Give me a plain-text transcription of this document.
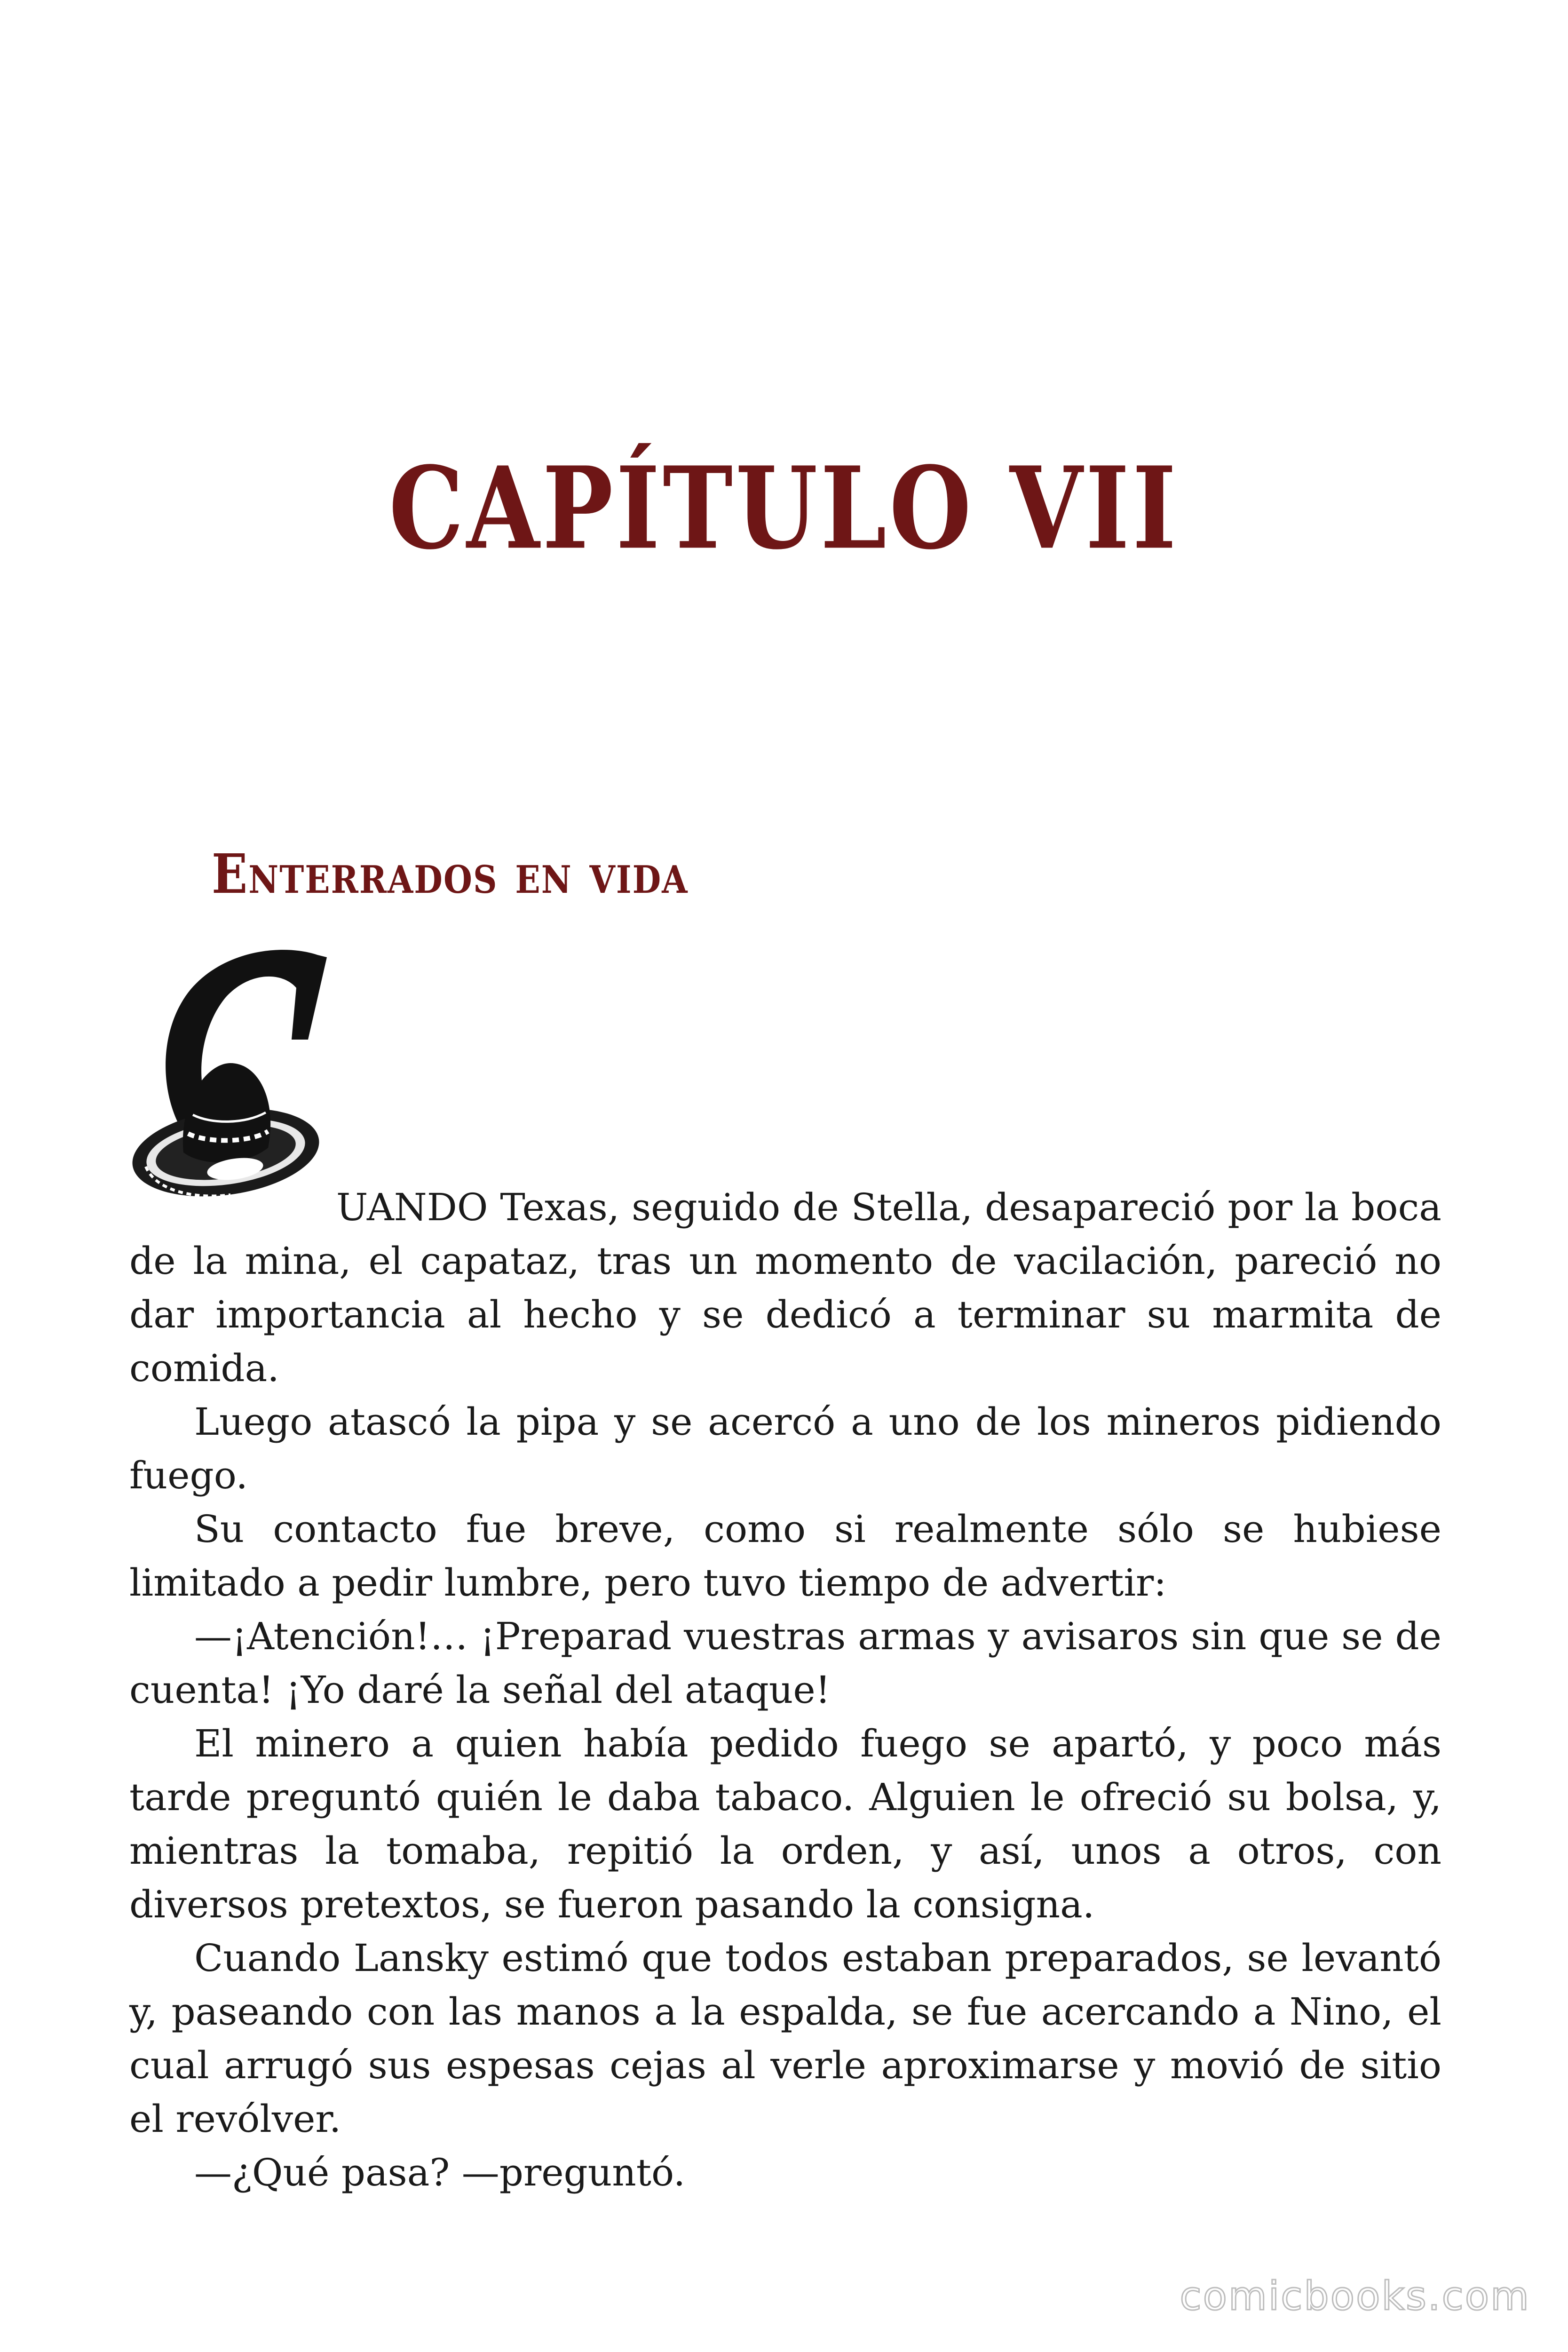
CAPÍTULO VII
Enterrados en vida

UANDO Texas, seguido de Stella, desapareció por la boca
de la mina, el capataz, tras un momento de vacilación, pareció no dar importancia al hecho y se dedicó a terminar su marmita de comida.

Luego atascó la pipa y se acercó a uno de los mineros pidiendo fuego.

Su contacto fue breve, como si realmente sólo se hubiese limitado a pedir lumbre, pero tuvo tiempo de advertir:

—¡Atención!… ¡Preparad vuestras armas y avisaros sin que se de cuenta! ¡Yo daré la señal del ataque!

El minero a quien había pedido fuego se apartó, y poco más tarde preguntó quién le daba tabaco. Alguien le ofreció su bolsa, y, mientras la tomaba, repitió la orden, y así, unos a otros, con diversos pretextos, se fueron pasando la consigna.

Cuando Lansky estimó que todos estaban preparados, se levantó y, paseando con las manos a la espalda, se fue acercando a Nino, el cual arrugó sus espesas cejas al verle aproximarse y movió de sitio el revólver.

—¿Qué pasa? —preguntó.

comicbooks.com
